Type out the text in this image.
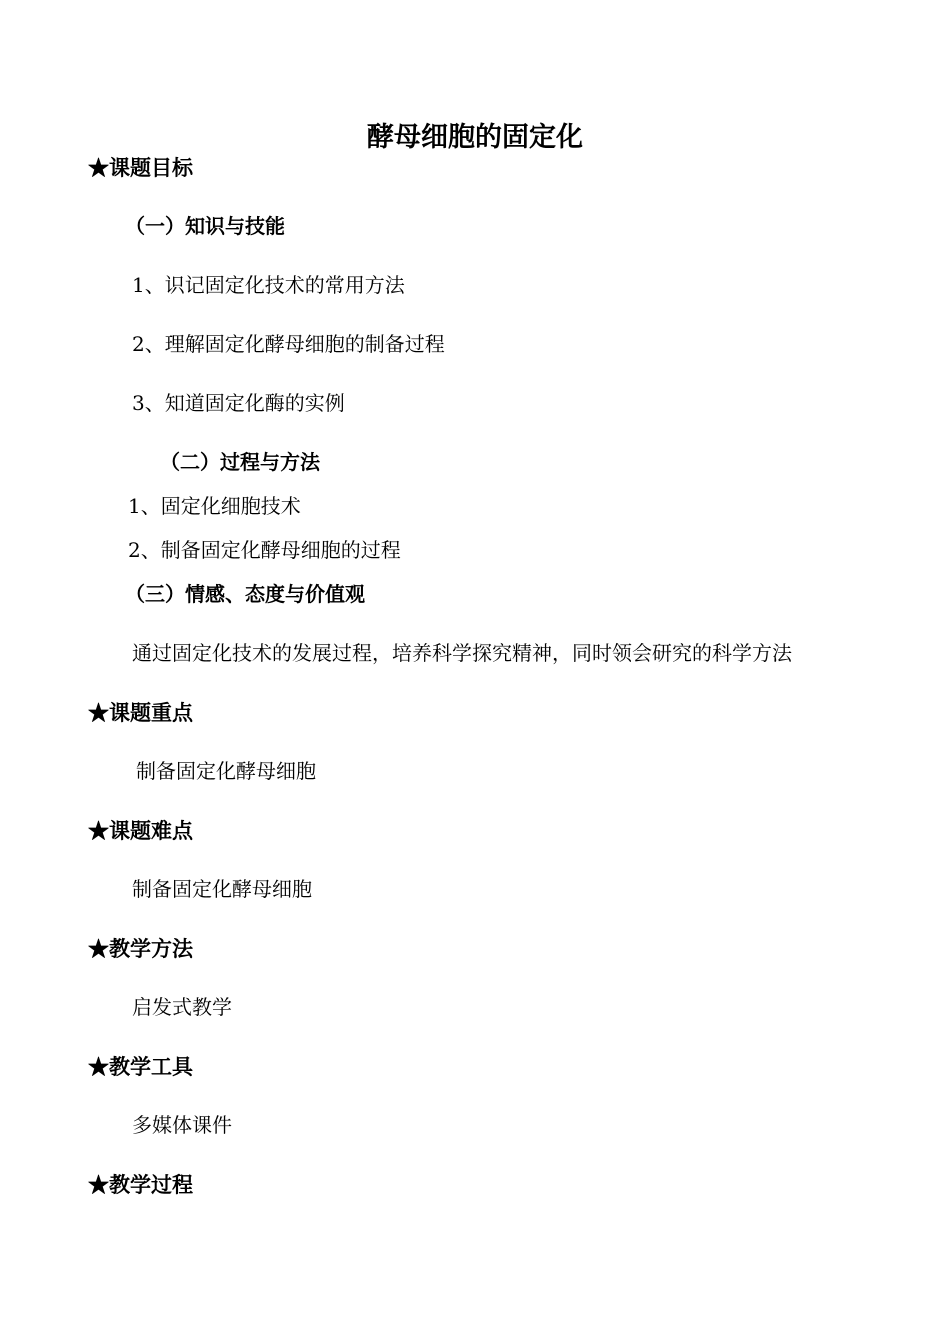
酵母细胞的固定化
★课题目标
（一）知识与技能
1、识记固定化技术的常用方法
2、理解固定化酵母细胞的制备过程
3、知道固定化酶的实例
（二）过程与方法
1、固定化细胞技术
2、制备固定化酵母细胞的过程
（三）情感、态度与价值观
通过固定化技术的发展过程，培养科学探究精神，同时领会研究的科学方法
★课题重点
制备固定化酵母细胞
★课题难点
制备固定化酵母细胞
★教学方法
启发式教学
★教学工具
多媒体课件
★教学过程
